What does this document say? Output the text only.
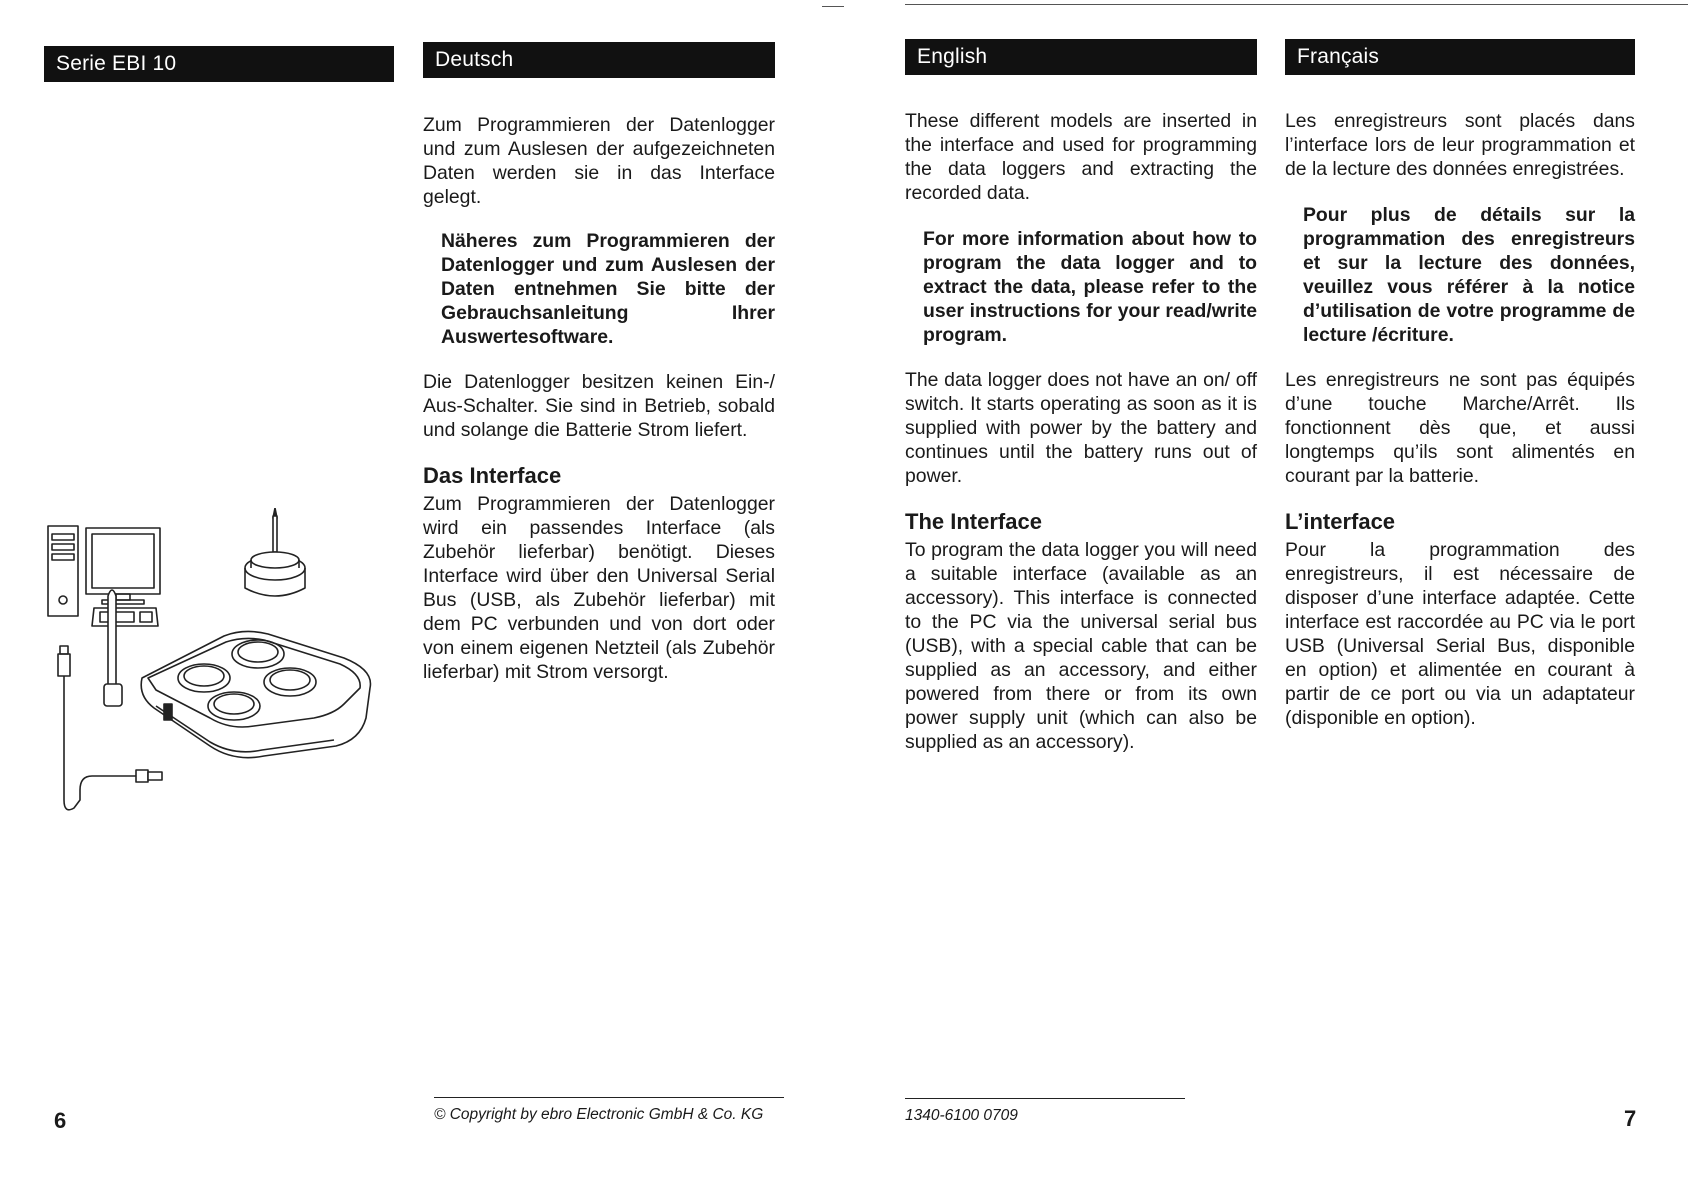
Serie EBI 10	Deutsch	English	Français

Zum Programmieren der Datenlogger und zum Auslesen der aufgezeichneten Daten werden sie in das Interface gelegt.

Näheres zum Programmieren der Datenlogger und zum Auslesen der Daten entnehmen Sie bitte der Gebrauchsanleitung Ihrer Auswertesoftware.

Die Datenlogger besitzen keinen Ein-/ Aus-Schalter. Sie sind in Betrieb, sobald und solange die Batterie Strom liefert.

Das Interface

Zum Programmieren der Datenlogger wird ein passendes Interface (als Zubehör lieferbar) benötigt. Dieses Interface wird über den Universal Serial Bus (USB, als Zubehör lieferbar) mit dem PC verbunden und von dort oder von einem eigenen Netzteil (als Zubehör lieferbar) mit Strom versorgt.

These different models are inserted in the interface and used for programming the data loggers and extracting the recorded data.

For more information about how to program the data logger and to extract the data, please refer to the user instructions for your read/write program.

The data logger does not have an on/ off switch. It starts operating as soon as it is supplied with power by the battery and continues until the battery runs out of power.

The Interface

To program the data logger you will need a suitable interface (available as an accessory). This interface is connected to the PC via the universal serial bus (USB), with a special cable that can be supplied as an accessory, and either powered from there or from its own power supply unit (which can also be supplied as an accessory).

Les enregistreurs sont placés dans l’interface lors de leur programmation et de la lecture des données enregistrées.

Pour plus de détails sur la programmation des enregistreurs et sur la lecture des données, veuillez vous référer à la notice d’utilisation de votre programme de lecture /écriture.

Les enregistreurs ne sont pas équipés d’une touche Marche/Arrêt. Ils fonctionnent dès que, et aussi longtemps qu’ils sont alimentés en courant par la batterie.

L’interface

Pour la programmation des enregistreurs, il est nécessaire de disposer d’une interface adaptée. Cette interface est raccordée au PC via le port USB (Universal Serial Bus, disponible en option) et alimentée en courant à partir de ce port ou via un adaptateur (disponible en option).

6	© Copyright by ebro Electronic GmbH & Co. KG	1340-6100 0709	7
